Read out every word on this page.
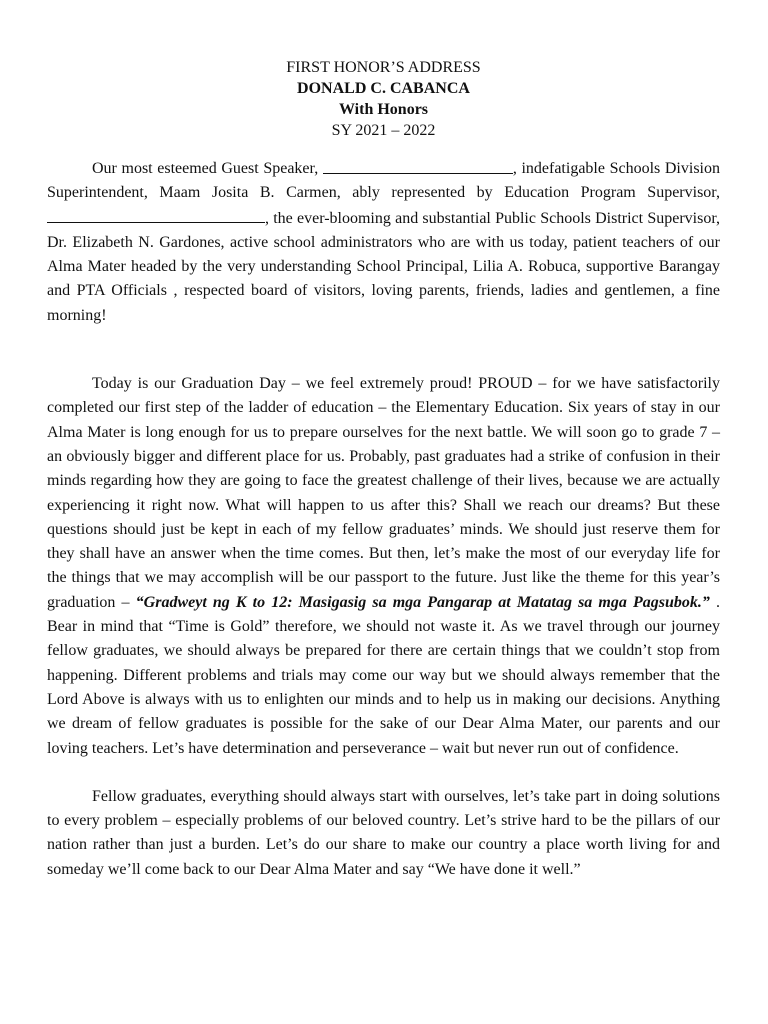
FIRST HONOR’S ADDRESS
DONALD C. CABANCA
With Honors
SY 2021 – 2022

Our most esteemed Guest Speaker,	, indefatigable Schools Division Superintendent, Maam Josita B. Carmen, ably represented by Education Program Supervisor, , the ever-blooming and substantial Public Schools District Supervisor, Dr. Elizabeth N. Gardones, active school administrators who are with us today, patient teachers of our Alma Mater headed by the very understanding School Principal, Lilia A. Robuca, supportive Barangay and PTA Officials , respected board of visitors, loving parents, friends, ladies and gentlemen, a fine morning!

Today is our Graduation Day – we feel extremely proud! PROUD – for we have satisfactorily completed our first step of the ladder of education – the Elementary Education. Six years of stay in our Alma Mater is long enough for us to prepare ourselves for the next battle. We will soon go to grade 7 – an obviously bigger and different place for us. Probably, past graduates had a strike of confusion in their minds regarding how they are going to face the greatest challenge of their lives, because we are actually experiencing it right now. What will happen to us after this? Shall we reach our dreams? But these questions should just be kept in each of my fellow graduates’ minds. We should just reserve them for they shall have an answer when the time comes. But then, let’s make the most of our everyday life for the things that we may accomplish will be our passport to the future. Just like the theme for this year’s graduation – “Gradweyt ng K to 12: Masigasig sa mga Pangarap at Matatag sa mga Pagsubok.” . Bear in mind that “Time is Gold” therefore, we should not waste it. As we travel through our journey fellow graduates, we should always be prepared for there are certain things that we couldn’t stop from happening. Different problems and trials may come our way but we should always remember that the Lord Above is always with us to enlighten our minds and to help us in making our decisions. Anything we dream of fellow graduates is possible for the sake of our Dear Alma Mater, our parents and our loving teachers. Let’s have determination and perseverance – wait but never run out of confidence.

Fellow graduates, everything should always start with ourselves, let’s take part in doing solutions to every problem – especially problems of our beloved country. Let’s strive hard to be the pillars of our nation rather than just a burden. Let’s do our share to make our country a place worth living for and someday we’ll come back to our Dear Alma Mater and say “We have done it well.”
